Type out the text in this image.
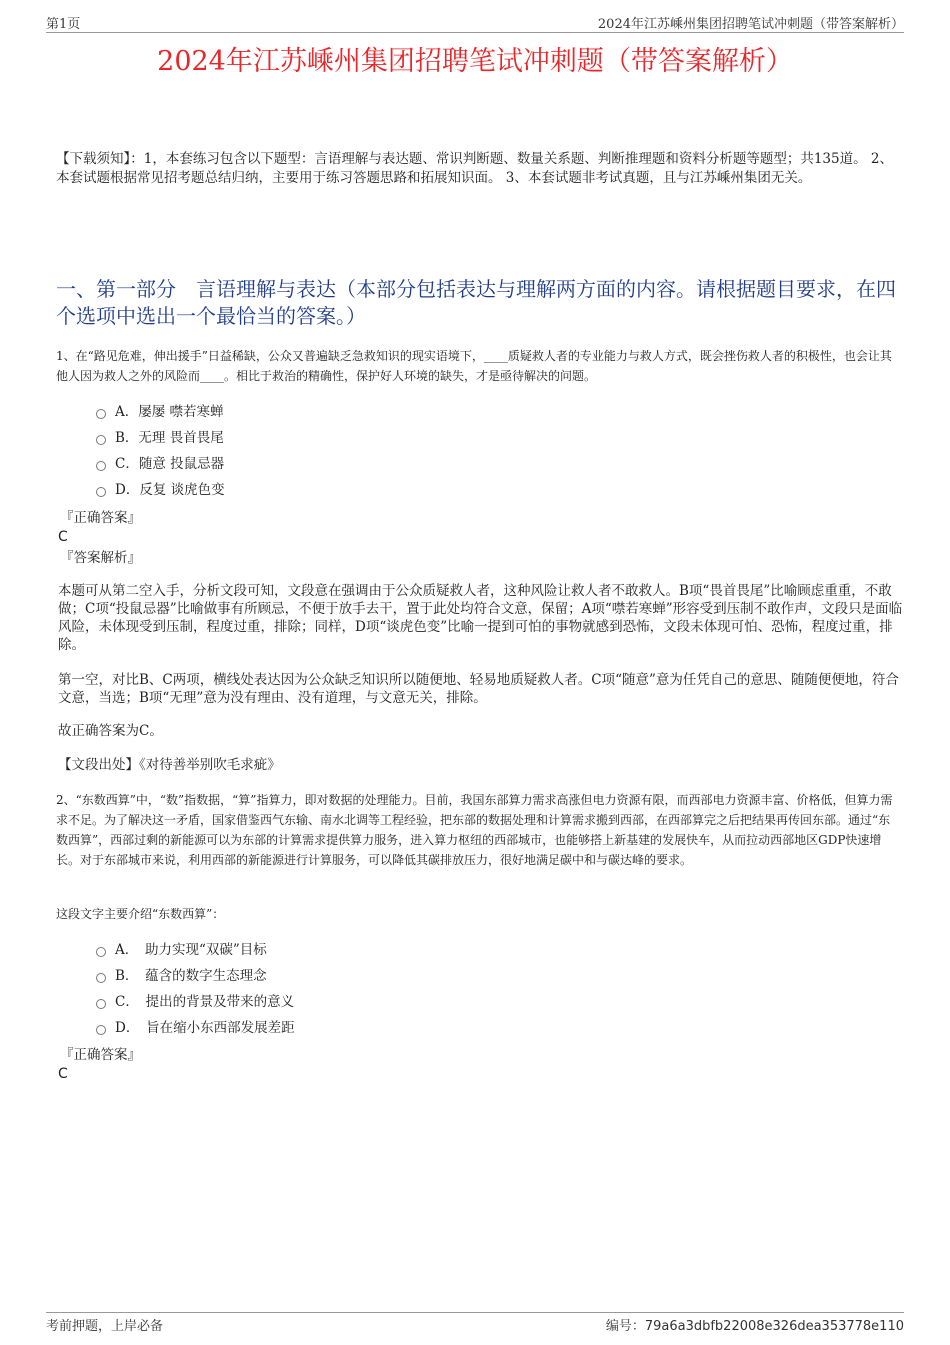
第1页	2024年江苏嵊州集团招聘笔试冲刺题（带答案解析）
2024年江苏嵊州集团招聘笔试冲刺题（带答案解析）
【下载须知】：1，本套练习包含以下题型：言语理解与表达题、常识判断题、数量关系题、判断推理题和资料分析题等题型；共135道。 2、本套试题根据常见招考题总结归纳，主要用于练习答题思路和拓展知识面。 3、本套试题非考试真题，且与江苏嵊州集团无关。
一、第一部分　言语理解与表达（本部分包括表达与理解两方面的内容。请根据题目要求，在四个选项中选出一个最恰当的答案。）
1、在“路见危难，伸出援手”日益稀缺，公众又普遍缺乏急救知识的现实语境下，____质疑救人者的专业能力与救人方式，既会挫伤救人者的积极性，也会让其他人因为救人之外的风险而____。相比于救治的精确性，保护好人环境的缺失，才是亟待解决的问题。
A．屡屡 噤若寒蝉
B．无理 畏首畏尾
C．随意 投鼠忌器
D．反复 谈虎色变
『正确答案』
C
『答案解析』
本题可从第二空入手，分析文段可知，文段意在强调由于公众质疑救人者，这种风险让救人者不敢救人。B项“畏首畏尾”比喻顾虑重重，不敢做；C项“投鼠忌器”比喻做事有所顾忌，不便于放手去干，置于此处均符合文意，保留；A项“噤若寒蝉”形容受到压制不敢作声，文段只是面临风险，未体现受到压制，程度过重，排除；同样，D项“谈虎色变”比喻一提到可怕的事物就感到恐怖，文段未体现可怕、恐怖，程度过重，排除。
第一空，对比B、C两项，横线处表达因为公众缺乏知识所以随便地、轻易地质疑救人者。C项“随意”意为任凭自己的意思、随随便便地，符合文意，当选；B项“无理”意为没有理由、没有道理，与文意无关，排除。
故正确答案为C。
【文段出处】《对待善举别吹毛求疵》
2、“东数西算”中，“数”指数据，“算”指算力，即对数据的处理能力。目前，我国东部算力需求高涨但电力资源有限，而西部电力资源丰富、价格低，但算力需求不足。为了解决这一矛盾，国家借鉴西气东输、南水北调等工程经验，把东部的数据处理和计算需求搬到西部，在西部算完之后把结果再传回东部。通过“东数西算”，西部过剩的新能源可以为东部的计算需求提供算力服务，进入算力枢纽的西部城市，也能够搭上新基建的发展快车，从而拉动西部地区GDP快速增长。对于东部城市来说，利用西部的新能源进行计算服务，可以降低其碳排放压力，很好地满足碳中和与碳达峰的要求。
这段文字主要介绍“东数西算”：
A．　助力实现“双碳”目标
B．　蕴含的数字生态理念
C．　提出的背景及带来的意义
D．　旨在缩小东西部发展差距
『正确答案』
C
考前押题，上岸必备	编号：79a6a3dbfb22008e326dea353778e110
